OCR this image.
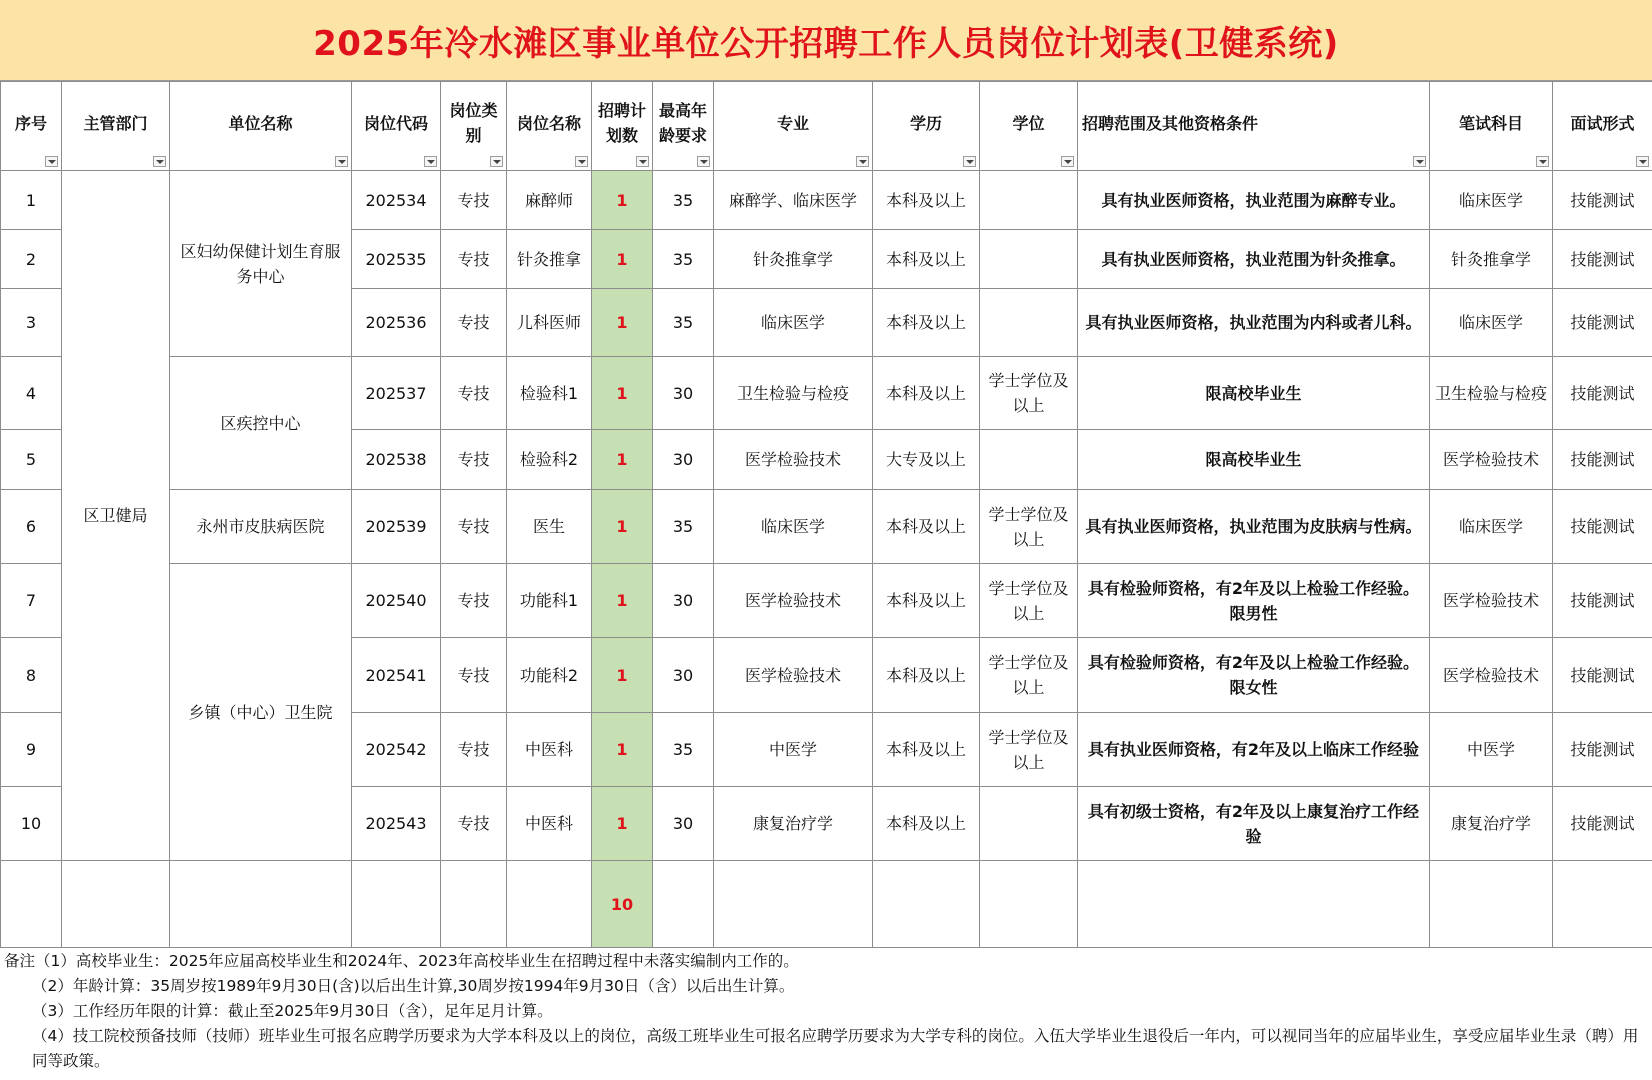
2025年冷水滩区事业单位公开招聘工作人员岗位计划表(卫健系统)
序号	主管部门	单位名称	岗位代码	岗位类别	岗位名称	招聘计划数	最高年龄要求	专业	学历	学位	招聘范围及其他资格条件	笔试科目	面试形式

1	区卫健局	区妇幼保健计划生育服务中心	202534	专技	麻醉师	1	35	麻醉学、临床医学	本科及以上		具有执业医师资格，执业范围为麻醉专业。	临床医学	技能测试
2			202535	专技	针灸推拿	1	35	针灸推拿学	本科及以上		具有执业医师资格，执业范围为针灸推拿。	针灸推拿学	技能测试
3			202536	专技	儿科医师	1	35	临床医学	本科及以上		具有执业医师资格，执业范围为内科或者儿科。	临床医学	技能测试
4		区疾控中心	202537	专技	检验科1	1	30	卫生检验与检疫	本科及以上	学士学位及以上	限高校毕业生	卫生检验与检疫	技能测试
5			202538	专技	检验科2	1	30	医学检验技术	大专及以上		限高校毕业生	医学检验技术	技能测试
6		永州市皮肤病医院	202539	专技	医生	1	35	临床医学	本科及以上	学士学位及以上	具有执业医师资格，执业范围为皮肤病与性病。	临床医学	技能测试
7		乡镇（中心）卫生院	202540	专技	功能科1	1	30	医学检验技术	本科及以上	学士学位及以上	具有检验师资格，有2年及以上检验工作经验。限男性	医学检验技术	技能测试
8			202541	专技	功能科2	1	30	医学检验技术	本科及以上	学士学位及以上	具有检验师资格，有2年及以上检验工作经验。限女性	医学检验技术	技能测试
9			202542	专技	中医科	1	35	中医学	本科及以上	学士学位及以上	具有执业医师资格，有2年及以上临床工作经验	中医学	技能测试
10			202543	专技	中医科	1	30	康复治疗学	本科及以上		具有初级士资格，有2年及以上康复治疗工作经验	康复治疗学	技能测试
						10							

备注（1）高校毕业生：2025年应届高校毕业生和2024年、2023年高校毕业生在招聘过程中未落实编制内工作的。

（2）年龄计算：35周岁按1989年9月30日(含)以后出生计算,30周岁按1994年9月30日（含）以后出生计算。

（3）工作经历年限的计算：截止至2025年9月30日（含），足年足月计算。

（4）技工院校预备技师（技师）班毕业生可报名应聘学历要求为大学本科及以上的岗位，高级工班毕业生可报名应聘学历要求为大学专科的岗位。入伍大学毕业生退役后一年内，可以视同当年的应届毕业生，享受应届毕业生录（聘）用同等政策。
